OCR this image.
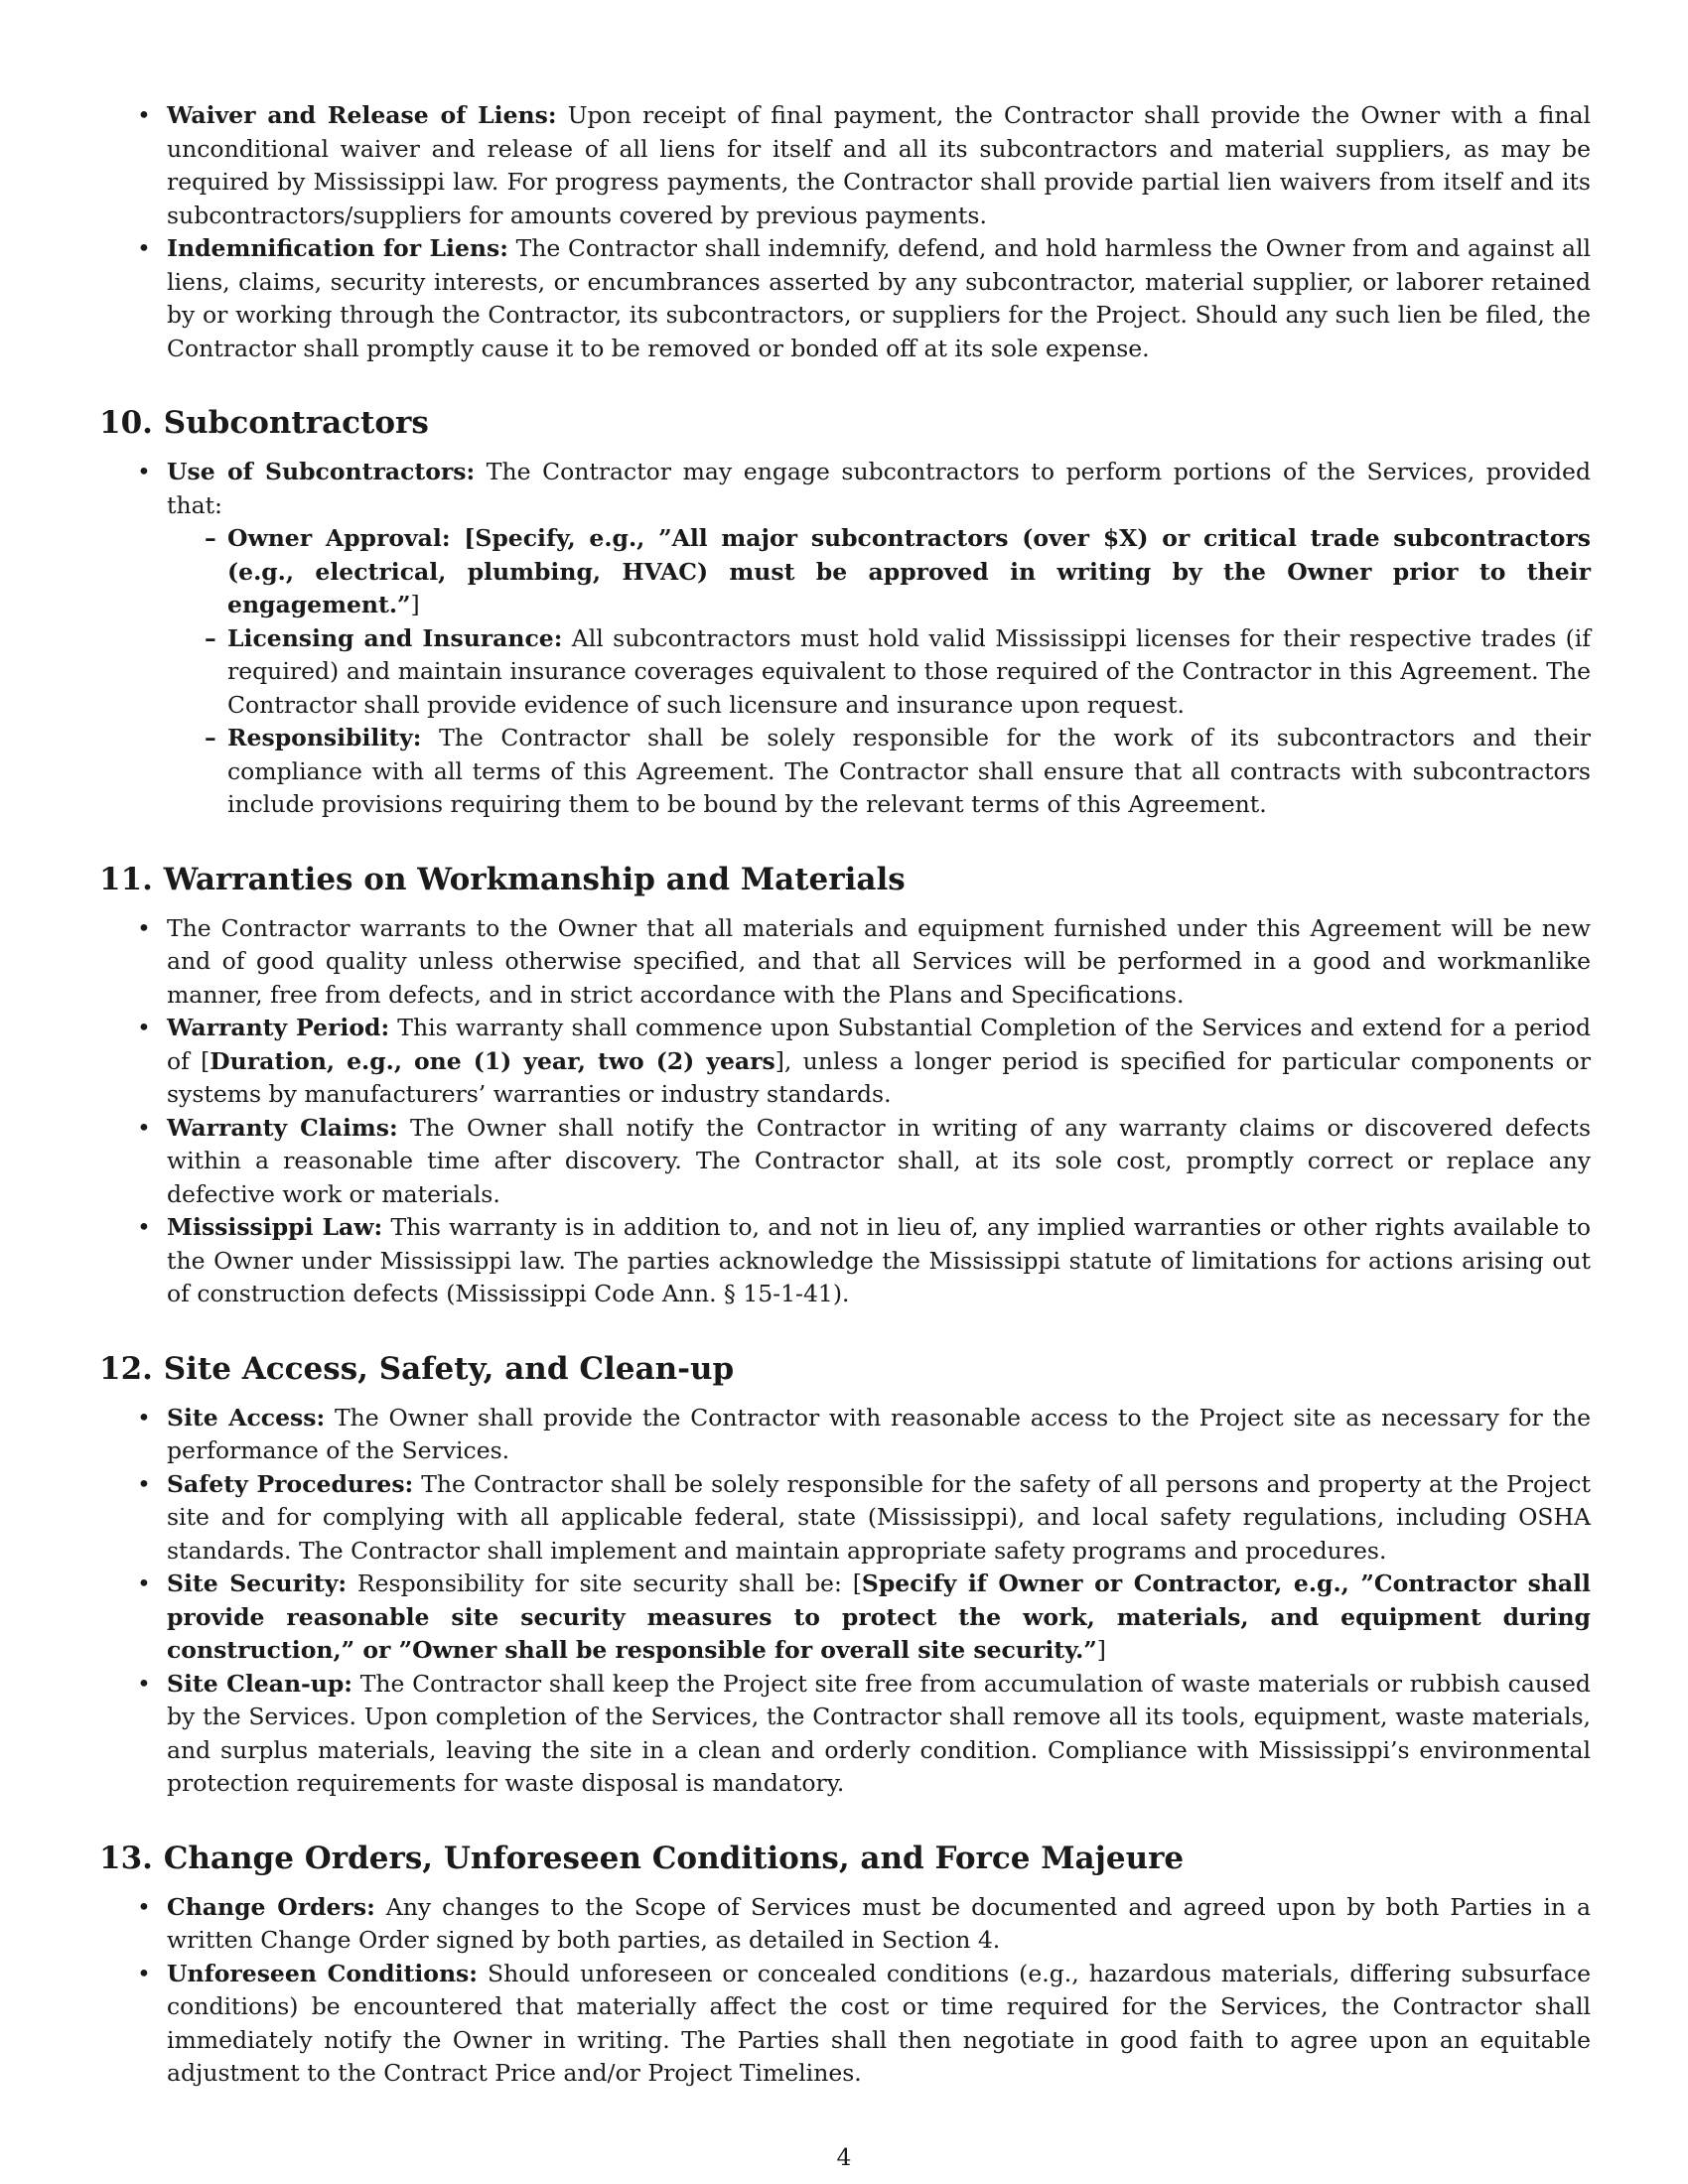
• Waiver and Release of Liens: Upon receipt of final payment, the Contractor shall provide the Owner with a final unconditional waiver and release of all liens for itself and all its subcontractors and material suppliers, as may be required by Mississippi law. For progress payments, the Contractor shall provide partial lien waivers from itself and its subcontractors/suppliers for amounts covered by previous payments.
• Indemnification for Liens: The Contractor shall indemnify, defend, and hold harmless the Owner from and against all liens, claims, security interests, or encumbrances asserted by any subcontractor, material supplier, or laborer retained by or working through the Contractor, its subcontractors, or suppliers for the Project. Should any such lien be filed, the Contractor shall promptly cause it to be removed or bonded off at its sole expense.
10. Subcontractors
• Use of Subcontractors: The Contractor may engage subcontractors to perform portions of the Services, provided that:
– Owner Approval: [Specify, e.g., ”All major subcontractors (over $X) or critical trade subcontractors (e.g., electrical, plumbing, HVAC) must be approved in writing by the Owner prior to their engagement.”]
– Licensing and Insurance: All subcontractors must hold valid Mississippi licenses for their respective trades (if required) and maintain insurance coverages equivalent to those required of the Contractor in this Agreement. The Contractor shall provide evidence of such licensure and insurance upon request.
– Responsibility: The Contractor shall be solely responsible for the work of its subcontractors and their compliance with all terms of this Agreement. The Contractor shall ensure that all contracts with subcontractors include provisions requiring them to be bound by the relevant terms of this Agreement.
11. Warranties on Workmanship and Materials
• The Contractor warrants to the Owner that all materials and equipment furnished under this Agreement will be new and of good quality unless otherwise specified, and that all Services will be performed in a good and workmanlike manner, free from defects, and in strict accordance with the Plans and Specifications.
• Warranty Period: This warranty shall commence upon Substantial Completion of the Services and extend for a period of [Duration, e.g., one (1) year, two (2) years], unless a longer period is specified for particular components or systems by manufacturers’ warranties or industry standards.
• Warranty Claims: The Owner shall notify the Contractor in writing of any warranty claims or discovered defects within a reasonable time after discovery. The Contractor shall, at its sole cost, promptly correct or replace any defective work or materials.
• Mississippi Law: This warranty is in addition to, and not in lieu of, any implied warranties or other rights available to the Owner under Mississippi law. The parties acknowledge the Mississippi statute of limitations for actions arising out of construction defects (Mississippi Code Ann. § 15-1-41).
12. Site Access, Safety, and Clean-up
• Site Access: The Owner shall provide the Contractor with reasonable access to the Project site as necessary for the performance of the Services.
• Safety Procedures: The Contractor shall be solely responsible for the safety of all persons and property at the Project site and for complying with all applicable federal, state (Mississippi), and local safety regulations, including OSHA standards. The Contractor shall implement and maintain appropriate safety programs and procedures.
• Site Security: Responsibility for site security shall be: [Specify if Owner or Contractor, e.g., ”Contractor shall provide reasonable site security measures to protect the work, materials, and equipment during construction,” or ”Owner shall be responsible for overall site security.”]
• Site Clean-up: The Contractor shall keep the Project site free from accumulation of waste materials or rubbish caused by the Services. Upon completion of the Services, the Contractor shall remove all its tools, equipment, waste materials, and surplus materials, leaving the site in a clean and orderly condition. Compliance with Mississippi’s environmental protection requirements for waste disposal is mandatory.
13. Change Orders, Unforeseen Conditions, and Force Majeure
• Change Orders: Any changes to the Scope of Services must be documented and agreed upon by both Parties in a written Change Order signed by both parties, as detailed in Section 4.
• Unforeseen Conditions: Should unforeseen or concealed conditions (e.g., hazardous materials, differing subsurface conditions) be encountered that materially affect the cost or time required for the Services, the Contractor shall immediately notify the Owner in writing. The Parties shall then negotiate in good faith to agree upon an equitable adjustment to the Contract Price and/or Project Timelines.
4
